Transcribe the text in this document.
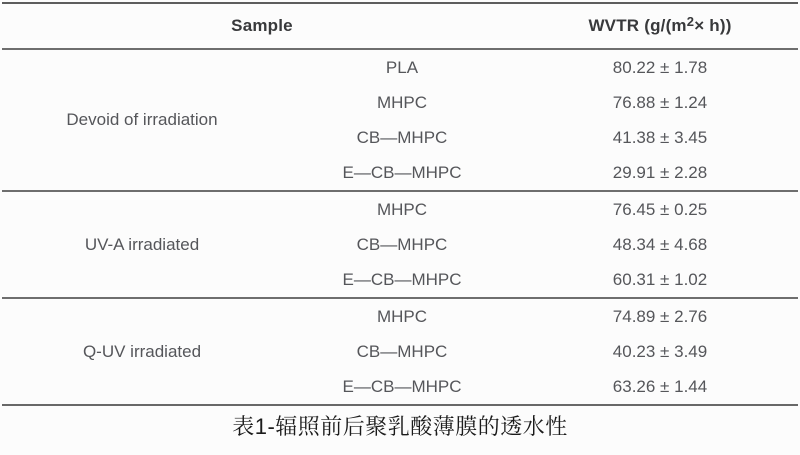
Sample	WVTR (g/(m 2 × h))
Devoid of irradiation
PLA	80.22 ± 1.78
MHPC	76.88 ± 1.24
CB—MHPC	41.38 ± 3.45
E—CB—MHPC	29.91 ± 2.28
UV-A irradiated
MHPC	76.45 ± 0.25
CB—MHPC	48.34 ± 4.68
E—CB—MHPC	60.31 ± 1.02
Q-UV irradiated
MHPC	74.89 ± 2.76
CB—MHPC	40.23 ± 3.49
E—CB—MHPC	63.26 ± 1.44
表1-辐照前后聚乳酸薄膜的透水性
